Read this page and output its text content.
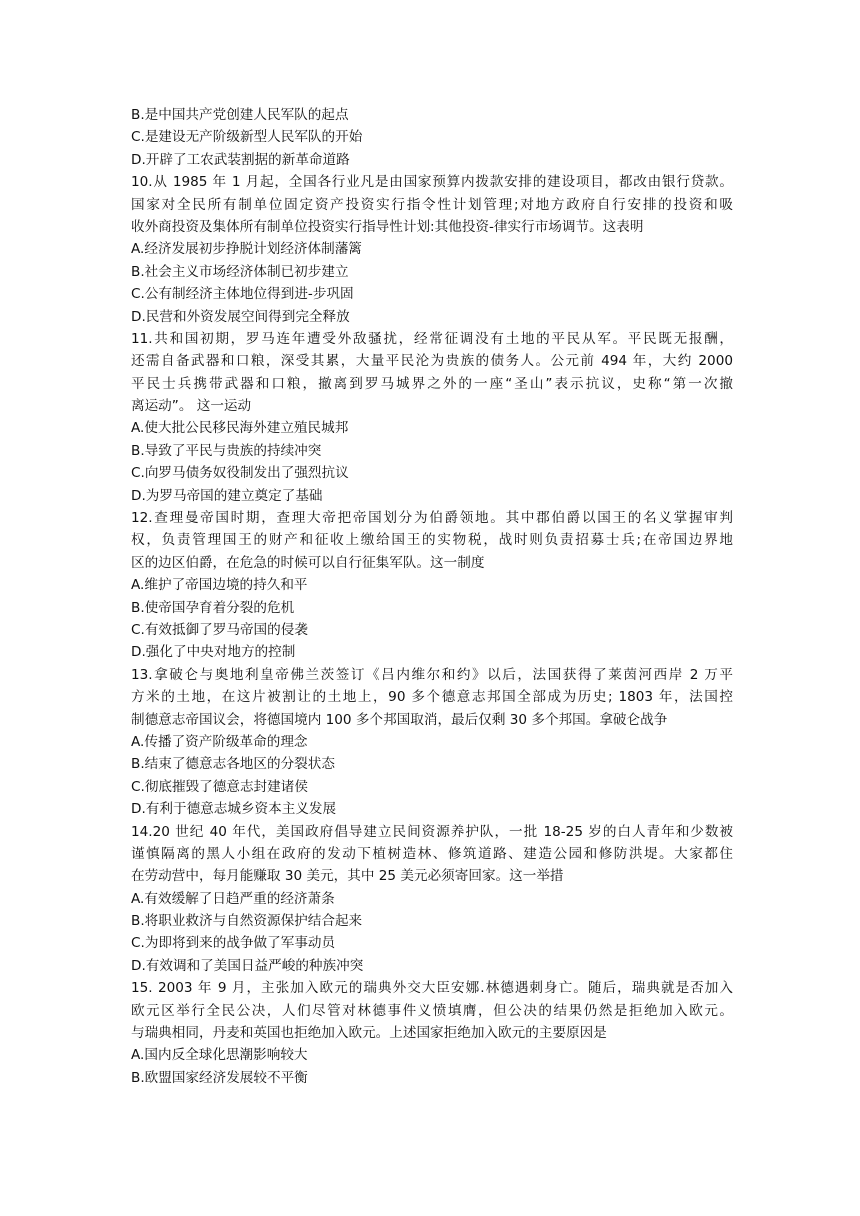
B.是中国共产党创建人民军队的起点
C.是建设无产阶级新型人民军队的开始
D.开辟了工农武装割据的新革命道路
10.从 1985 年 1 月起，全国各行业凡是由国家预算内拨款安排的建设项目，都改由银行贷款。
国家对全民所有制单位固定资产投资实行指令性计划管理;对地方政府自行安排的投资和吸
收外商投资及集体所有制单位投资实行指导性计划:其他投资-律实行市场调节。这表明
A.经济发展初步挣脱计划经济体制藩篱
B.社会主义市场经济体制已初步建立
C.公有制经济主体地位得到进-步巩固
D.民营和外资发展空间得到完全释放
11.共和国初期，罗马连年遭受外敌骚扰，经常征调没有土地的平民从军。平民既无报酬，
还需自备武器和口粮，深受其累，大量平民沦为贵族的债务人。公元前 494 年，大约 2000
平民士兵携带武器和口粮，撤离到罗马城界之外的一座“圣山”表示抗议，史称“第一次撤
离运动”。 这一运动
A.使大批公民移民海外建立殖民城邦
B.导致了平民与贵族的持续冲突
C.向罗马债务奴役制发出了强烈抗议
D.为罗马帝国的建立奠定了基础
12.查理曼帝国时期，查理大帝把帝国划分为伯爵领地。其中郡伯爵以国王的名义掌握审判
权，负责管理国王的财产和征收上缴给国王的实物税，战时则负责招募士兵;在帝国边界地
区的边区伯爵，在危急的时候可以自行征集军队。这一制度
A.维护了帝国边境的持久和平
B.使帝国孕育着分裂的危机
C.有效抵御了罗马帝国的侵袭
D.强化了中央对地方的控制
13.拿破仑与奥地利皇帝佛兰茨签订《吕内维尔和约》以后，法国获得了莱茵河西岸 2 万平
方米的土地，在这片被割让的土地上，90 多个德意志邦国全部成为历史; 1803 年，法国控
制德意志帝国议会，将德国境内 100 多个邦国取消，最后仅剩 30 多个邦国。拿破仑战争
A.传播了资产阶级革命的理念
B.结束了德意志各地区的分裂状态
C.彻底摧毁了德意志封建诸侯
D.有利于德意志城乡资本主义发展
14.20 世纪 40 年代，美国政府倡导建立民间资源养护队，一批 18-25 岁的白人青年和少数被
谨慎隔离的黑人小组在政府的发动下植树造林、修筑道路、建造公园和修防洪堤。大家都住
在劳动营中，每月能赚取 30 美元，其中 25 美元必须寄回家。这一举措
A.有效缓解了日趋严重的经济萧条
B.将职业救济与自然资源保护结合起来
C.为即将到来的战争做了军事动员
D.有效调和了美国日益严峻的种族冲突
15. 2003 年 9 月，主张加入欧元的瑞典外交大臣安娜.林德遇刺身亡。随后，瑞典就是否加入
欧元区举行全民公决，人们尽管对林德事件义愤填膺，但公决的结果仍然是拒绝加入欧元。
与瑞典相同，丹麦和英国也拒绝加入欧元。上述国家拒绝加入欧元的主要原因是
A.国内反全球化思潮影响较大
B.欧盟国家经济发展较不平衡
